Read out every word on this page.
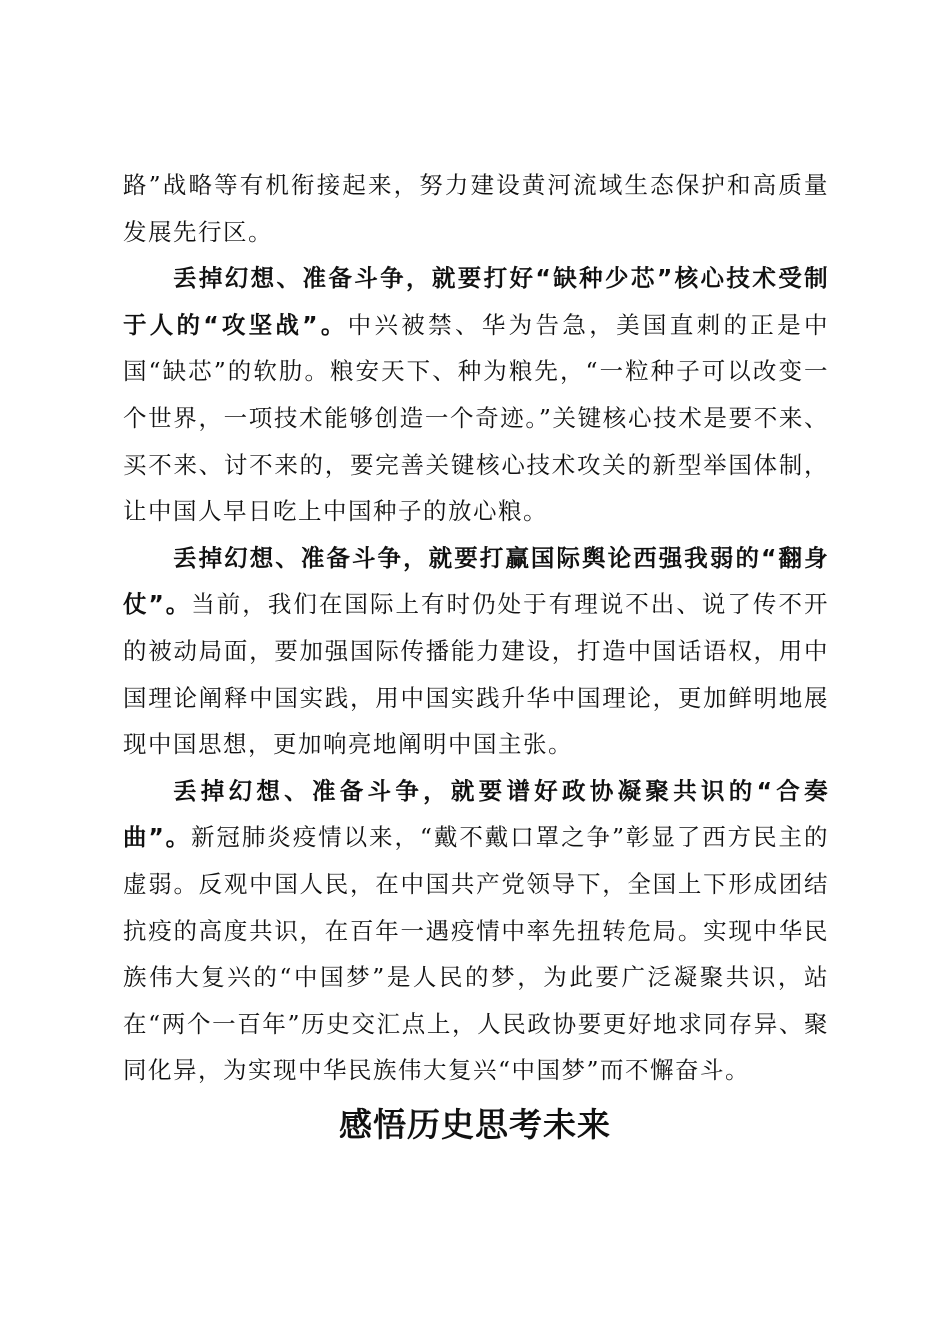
路”战略等有机衔接起来，努力建设黄河流域生态保护和高质量发展先行区。

丢掉幻想、准备斗争，就要打好“缺种少芯”核心技术受制于人的“攻坚战”。中兴被禁、华为告急，美国直刺的正是中国“缺芯”的软肋。粮安天下、种为粮先，“一粒种子可以改变一个世界，一项技术能够创造一个奇迹。”关键核心技术是要不来、买不来、讨不来的，要完善关键核心技术攻关的新型举国体制，让中国人早日吃上中国种子的放心粮。

丢掉幻想、准备斗争，就要打赢国际舆论西强我弱的“翻身仗”。当前，我们在国际上有时仍处于有理说不出、说了传不开的被动局面，要加强国际传播能力建设，打造中国话语权，用中国理论阐释中国实践，用中国实践升华中国理论，更加鲜明地展现中国思想，更加响亮地阐明中国主张。

丢掉幻想、准备斗争，就要谱好政协凝聚共识的“合奏曲”。新冠肺炎疫情以来，“戴不戴口罩之争”彰显了西方民主的虚弱。反观中国人民，在中国共产党领导下，全国上下形成团结抗疫的高度共识，在百年一遇疫情中率先扭转危局。实现中华民族伟大复兴的“中国梦”是人民的梦，为此要广泛凝聚共识，站在“两个一百年”历史交汇点上，人民政协要更好地求同存异、聚同化异，为实现中华民族伟大复兴“中国梦”而不懈奋斗。

感悟历史思考未来
